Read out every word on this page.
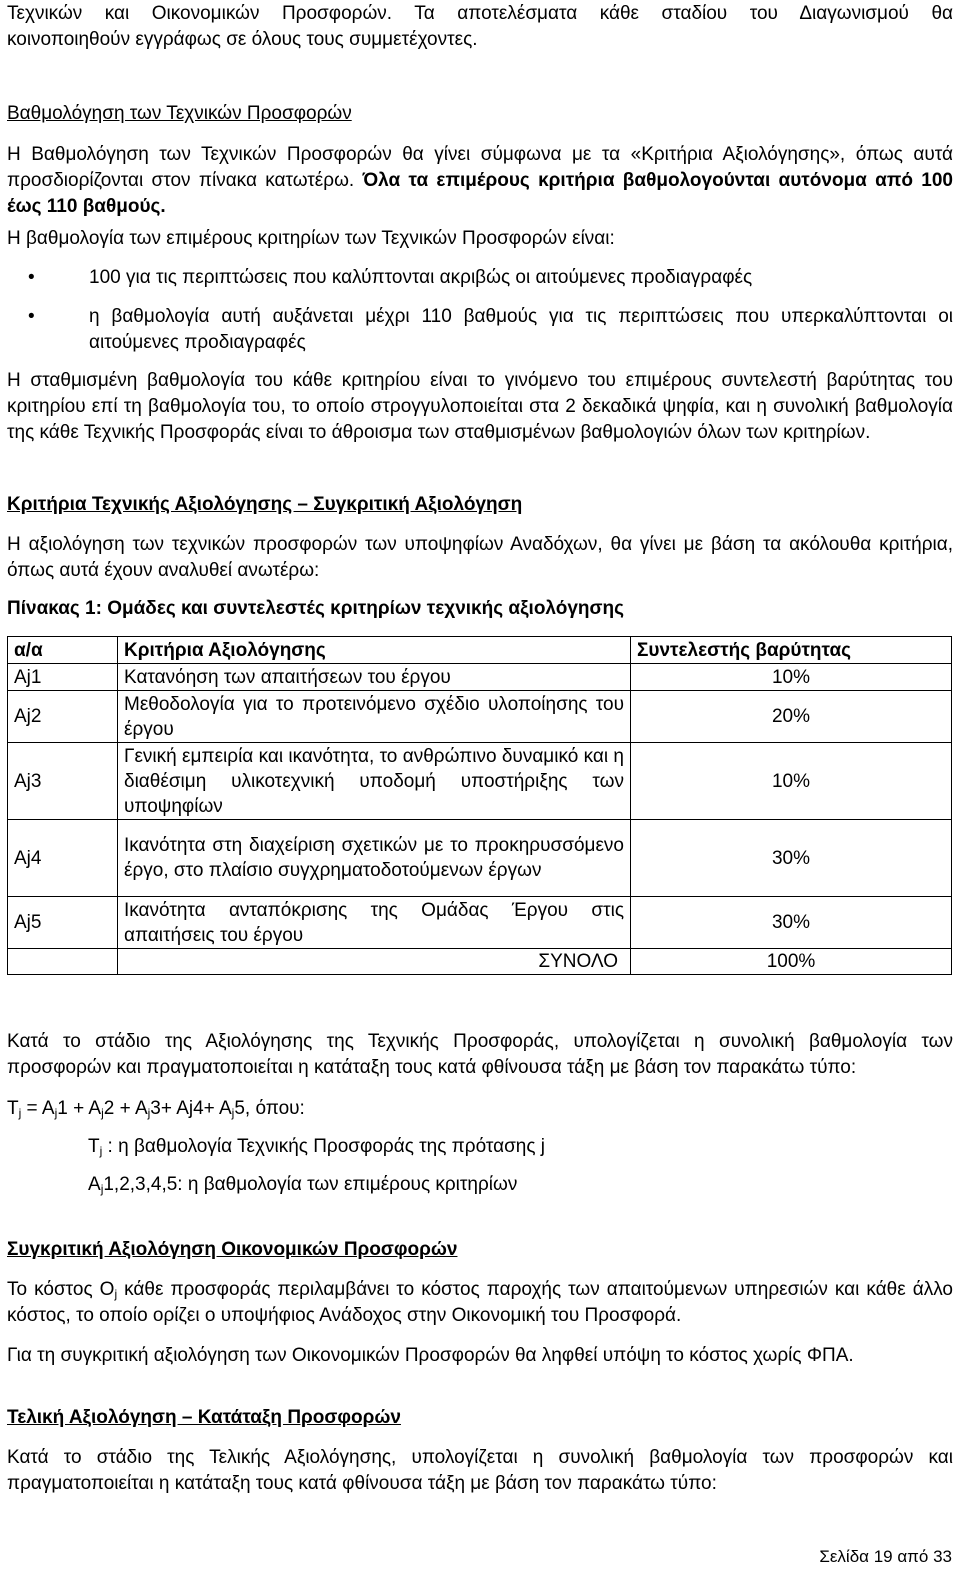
Τεχνικών και Οικονομικών Προσφορών. Τα αποτελέσματα κάθε σταδίου του Διαγωνισμού θα

κοινοποιηθούν εγγράφως σε όλους τους συμμετέχοντες.

Βαθμολόγηση των Τεχνικών Προσφορών

Η Βαθμολόγηση των Τεχνικών Προσφορών θα γίνει σύμφωνα με τα «Κριτήρια Αξιολόγησης», όπως αυτά προσδιορίζονται στον πίνακα κατωτέρω. Όλα τα επιμέρους κριτήρια βαθμολογούνται αυτόνομα από 100 έως 110 βαθμούς.

Η βαθμολογία των επιμέρους κριτηρίων των Τεχνικών Προσφορών είναι:

•	100 για τις περιπτώσεις που καλύπτονται ακριβώς οι αιτούμενες προδιαγραφές
•	η βαθμολογία αυτή αυξάνεται μέχρι 110 βαθμούς για τις περιπτώσεις που υπερκαλύπτονται οι αιτούμενες προδιαγραφές

Η σταθμισμένη βαθμολογία του κάθε κριτηρίου είναι το γινόμενο του επιμέρους συντελεστή βαρύτητας του κριτηρίου επί τη βαθμολογία του, το οποίο στρογγυλοποιείται στα 2 δεκαδικά ψηφία, και η συνολική βαθμολογία της κάθε Τεχνικής Προσφοράς είναι το άθροισμα των σταθμισμένων βαθμολογιών όλων των κριτηρίων.

Κριτήρια Τεχνικής Αξιολόγησης – Συγκριτική Αξιολόγηση

Η αξιολόγηση των τεχνικών προσφορών των υποψηφίων Αναδόχων, θα γίνει με βάση τα ακόλουθα κριτήρια, όπως αυτά έχουν αναλυθεί ανωτέρω:

Πίνακας 1: Ομάδες και συντελεστές κριτηρίων τεχνικής αξιολόγησης

α/α	Κριτήρια Αξιολόγησης	Συντελεστής βαρύτητας
Aj1	Κατανόηση των απαιτήσεων του έργου	10%
Aj2	Μεθοδολογία για το προτεινόμενο σχέδιο υλοποίησης του έργου	20%
Aj3	Γενική εμπειρία και ικανότητα, το ανθρώπινο δυναμικό και η διαθέσιμη υλικοτεχνική υποδομή υποστήριξης των υποψηφίων	10%
Aj4	Ικανότητα στη διαχείριση σχετικών με το προκηρυσσόμενο έργο, στο πλαίσιο συγχρηματοδοτούμενων έργων	30%
Aj5	Ικανότητα ανταπόκρισης της Ομάδας Έργου στις απαιτήσεις του έργου	30%
	ΣΥΝΟΛΟ	100%

Κατά το στάδιο της Αξιολόγησης της Τεχνικής Προσφοράς, υπολογίζεται η συνολική βαθμολογία των προσφορών και πραγματοποιείται η κατάταξη τους κατά φθίνουσα τάξη με βάση τον παρακάτω τύπο:

$T_j = A_j1 + A_j2 + A_j3+ Aj4+ A_j5$, όπου:

$T_j$ : η βαθμολογία Τεχνικής Προσφοράς της πρότασης j

$A_j1,2,3,4,5$: η βαθμολογία των επιμέρους κριτηρίων

Συγκριτική Αξιολόγηση Οικονομικών Προσφορών

Το κόστος $O_j$ κάθε προσφοράς περιλαμβάνει το κόστος παροχής των απαιτούμενων υπηρεσιών και κάθε άλλο κόστος, το οποίο ορίζει ο υποψήφιος Ανάδοχος στην Οικονομική του Προσφορά.

Για τη συγκριτική αξιολόγηση των Οικονομικών Προσφορών θα ληφθεί υπόψη το κόστος χωρίς ΦΠΑ.

Τελική Αξιολόγηση – Κατάταξη Προσφορών

Κατά το στάδιο της Τελικής Αξιολόγησης, υπολογίζεται η συνολική βαθμολογία των προσφορών και πραγματοποιείται η κατάταξη τους κατά φθίνουσα τάξη με βάση τον παρακάτω τύπο:

Σελίδα 19 από 33
